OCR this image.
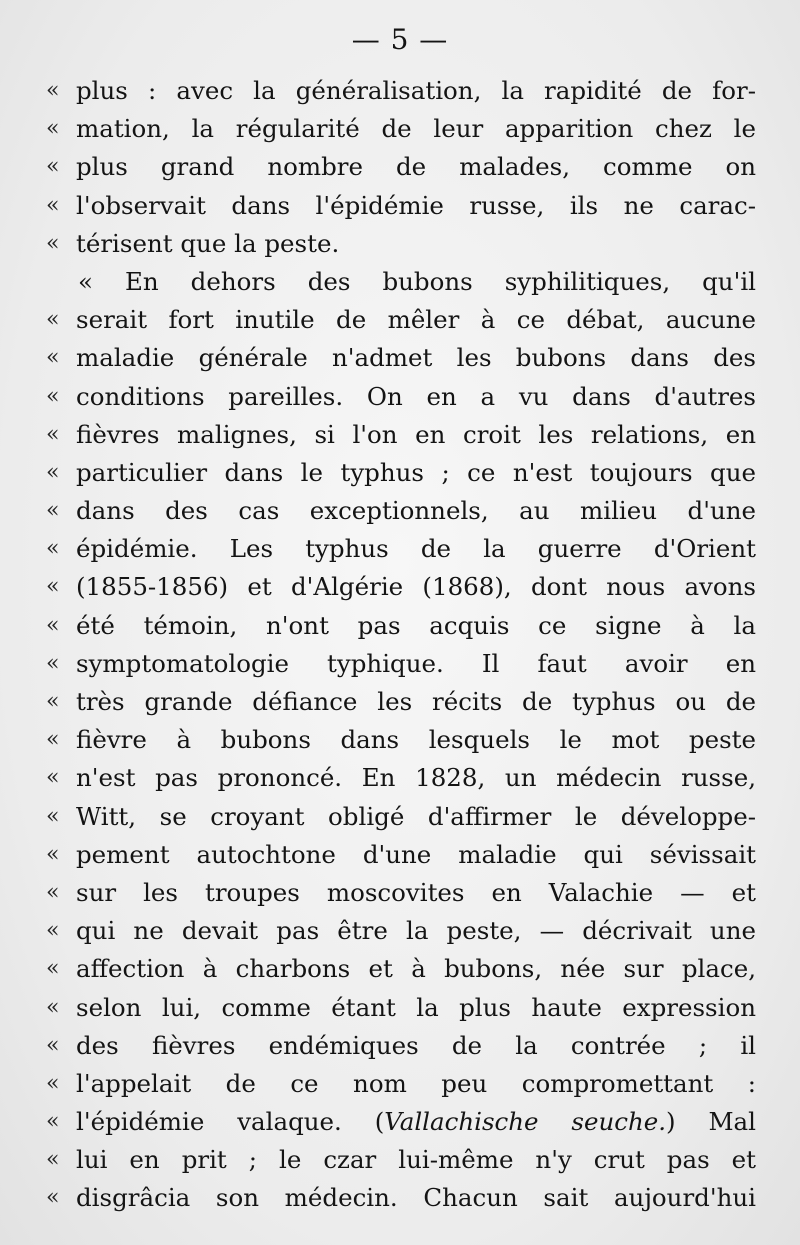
— 5 —
« plus : avec la généralisation, la rapidité de for-
« mation, la régularité de leur apparition chez le
« plus grand nombre de malades, comme on
« l'observait dans l'épidémie russe, ils ne carac-
« térisent que la peste.
« En dehors des bubons syphilitiques, qu'il
« serait fort inutile de mêler à ce débat, aucune
« maladie générale n'admet les bubons dans des
« conditions pareilles. On en a vu dans d'autres
« fièvres malignes, si l'on en croit les relations, en
« particulier dans le typhus ; ce n'est toujours que
« dans des cas exceptionnels, au milieu d'une
« épidémie. Les typhus de la guerre d'Orient
« (1855-1856) et d'Algérie (1868), dont nous avons
« été témoin, n'ont pas acquis ce signe à la
« symptomatologie typhique. Il faut avoir en
« très grande défiance les récits de typhus ou de
« fièvre à bubons dans lesquels le mot peste
« n'est pas prononcé. En 1828, un médecin russe,
« Witt, se croyant obligé d'affirmer le développe-
« pement autochtone d'une maladie qui sévissait
« sur les troupes moscovites en Valachie — et
« qui ne devait pas être la peste, — décrivait une
« affection à charbons et à bubons, née sur place,
« selon lui, comme étant la plus haute expression
« des fièvres endémiques de la contrée ; il
« l'appelait de ce nom peu compromettant :
« l'épidémie valaque. (Vallachische seuche.) Mal
« lui en prit ; le czar lui-même n'y crut pas et
« disgrâcia son médecin. Chacun sait aujourd'hui
